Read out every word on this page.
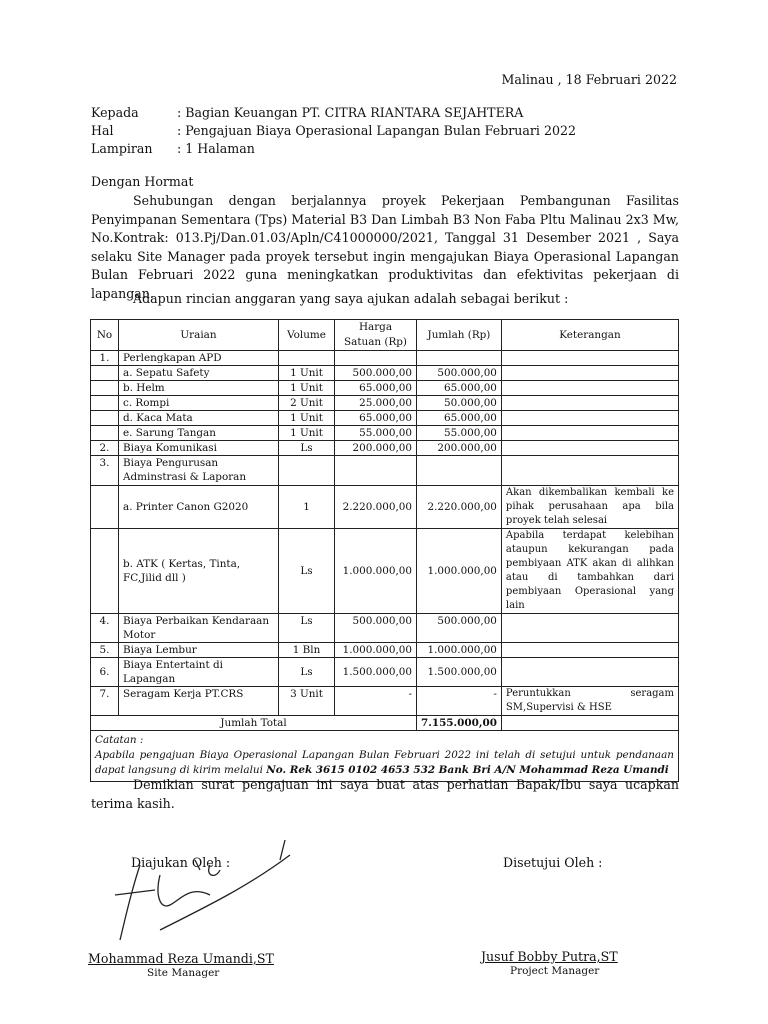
Malinau , 18 Februari 2022
Kepada	: Bagian Keuangan PT. CITRA RIANTARA SEJAHTERA
Hal	: Pengajuan Biaya Operasional Lapangan Bulan Februari 2022
Lampiran	: 1 Halaman
Dengan Hormat
Sehubungan dengan berjalannya proyek Pekerjaan Pembangunan Fasilitas Penyimpanan Sementara (Tps) Material B3 Dan Limbah B3 Non Faba Pltu Malinau 2x3 Mw, No.Kontrak: 013.Pj/Dan.01.03/Apln/C41000000/2021, Tanggal 31 Desember 2021 , Saya selaku Site Manager pada proyek tersebut ingin mengajukan Biaya Operasional Lapangan Bulan Februari 2022 guna meningkatkan produktivitas dan efektivitas pekerjaan di lapangan.
Adapun rincian anggaran yang saya ajukan adalah sebagai berikut :
No	Uraian	Volume	Harga Satuan (Rp)	Jumlah (Rp)	Keterangan
1.	Perlengkapan APD				
	a. Sepatu Safety	1 Unit	500.000,00	500.000,00	
	b. Helm	1 Unit	65.000,00	65.000,00	
	c. Rompi	2 Unit	25.000,00	50.000,00	
	d. Kaca Mata	1 Unit	65.000,00	65.000,00	
	e. Sarung Tangan	1 Unit	55.000,00	55.000,00	
2.	Biaya Komunikasi	Ls	200.000,00	200.000,00	
3.	Biaya Pengurusan Adminstrasi & Laporan				
	a. Printer Canon G2020	1	2.220.000,00	2.220.000,00	Akan dikembalikan kembali ke pihak perusahaan apa bila proyek telah selesai
	b. ATK ( Kertas, Tinta, FC,Jilid dll )	Ls	1.000.000,00	1.000.000,00	Apabila terdapat kelebihan ataupun kekurangan pada pembiyaan ATK akan di alihkan atau di tambahkan dari pembiyaan Operasional yang lain
4.	Biaya Perbaikan Kendaraan Motor	Ls	500.000,00	500.000,00	
5.	Biaya Lembur	1 Bln	1.000.000,00	1.000.000,00	
6.	Biaya Entertaint di Lapangan	Ls	1.500.000,00	1.500.000,00	
7.	Seragam Kerja PT.CRS	3 Unit	-	-	Peruntukkan seragam SM,Supervisi & HSE
Jumlah Total				7.155.000,00	

Catatan :
Apabila pengajuan Biaya Operasional Lapangan Bulan Februari 2022 ini telah di setujui untuk pendanaan dapat langsung di kirim melalui No. Rek 3615 0102 4653 532 Bank Bri A/N Mohammad Reza Umandi					
Demikian surat pengajuan ini saya buat atas perhatian Bapak/Ibu saya ucapkan terima kasih.
Diajukan Oleh :	Disetujui Oleh :
Mohammad Reza Umandi,ST
Site Manager
Jusuf Bobby Putra,ST
Project Manager
